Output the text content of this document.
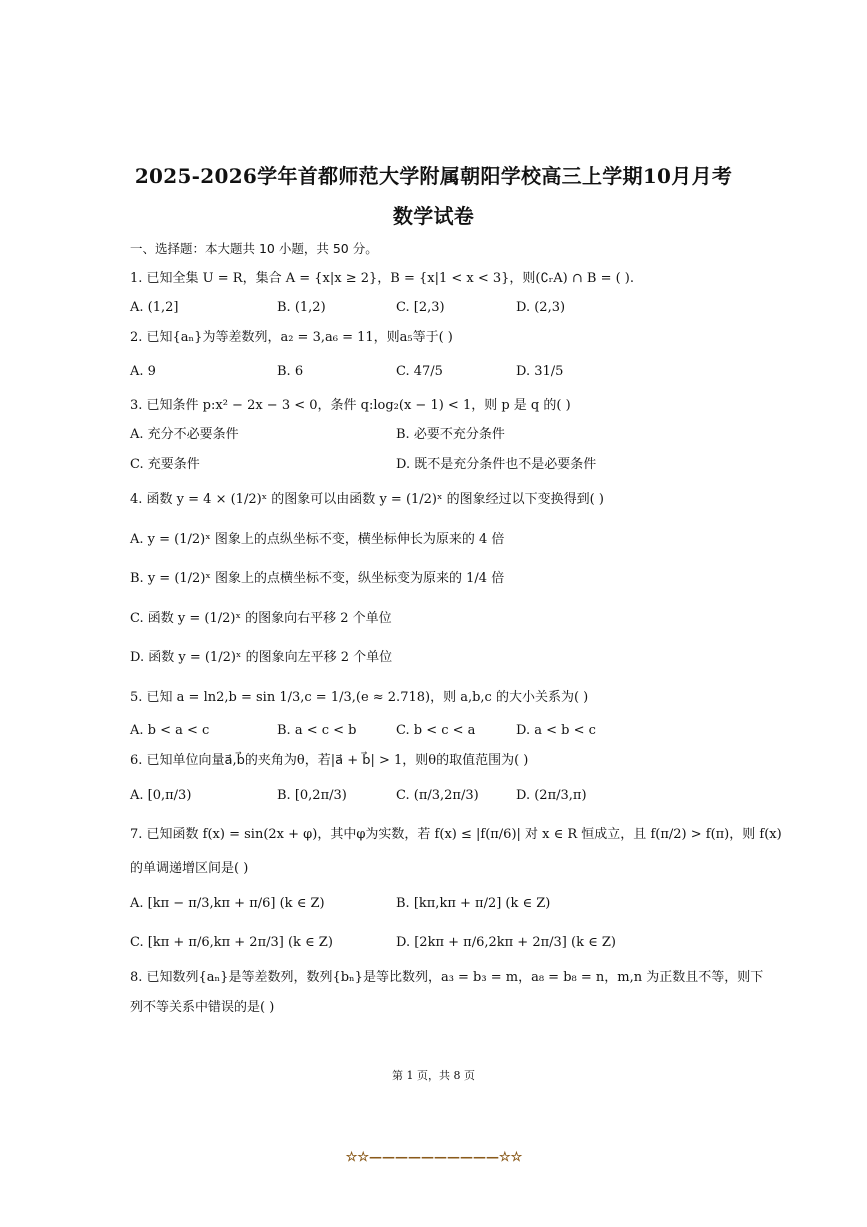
2025-2026学年首都师范大学附属朝阳学校高三上学期10月月考
数学试卷
一、选择题：本大题共 10 小题，共 50 分。
1. 已知全集 U = R，集合 A = {x|x ≥ 2}，B = {x|1 < x < 3}，则(∁ᵣA) ∩ B = ( ).
A. (1,2]	B. (1,2)	C. [2,3)	D. (2,3)
2. 已知{aₙ}为等差数列，a₂ = 3,a₆ = 11，则a₅等于( )
A. 9	B. 6	C. 47/5	D. 31/5
3. 已知条件 p:x² − 2x − 3 < 0，条件 q:log₂(x − 1) < 1，则 p 是 q 的( )
A. 充分不必要条件	B. 必要不充分条件
C. 充要条件	D. 既不是充分条件也不是必要条件
4. 函数 y = 4 × (1/2)ˣ 的图象可以由函数 y = (1/2)ˣ 的图象经过以下变换得到( )
A. y = (1/2)ˣ 图象上的点纵坐标不变，横坐标伸长为原来的 4 倍
B. y = (1/2)ˣ 图象上的点横坐标不变，纵坐标变为原来的 1/4 倍
C. 函数 y = (1/2)ˣ 的图象向右平移 2 个单位
D. 函数 y = (1/2)ˣ 的图象向左平移 2 个单位
5. 已知 a = ln2,b = sin 1/3,c = 1/3,(e ≈ 2.718)，则 a,b,c 的大小关系为( )
A. b < a < c	B. a < c < b	C. b < c < a	D. a < b < c
6. 已知单位向量a⃗,b⃗的夹角为θ，若|a⃗ + b⃗| > 1，则θ的取值范围为( )
A. [0,π/3)	B. [0,2π/3)	C. (π/3,2π/3)	D. (2π/3,π)
7. 已知函数 f(x) = sin(2x + φ)，其中φ为实数，若 f(x) ≤ |f(π/6)| 对 x ∈ R 恒成立，且 f(π/2) > f(π)，则 f(x)
的单调递增区间是( )
A. [kπ − π/3,kπ + π/6] (k ∈ Z)	B. [kπ,kπ + π/2] (k ∈ Z)
C. [kπ + π/6,kπ + 2π/3] (k ∈ Z)	D. [2kπ + π/6,2kπ + 2π/3] (k ∈ Z)
8. 已知数列{aₙ}是等差数列，数列{bₙ}是等比数列，a₃ = b₃ = m，a₈ = b₈ = n，m,n 为正数且不等，则下
列不等关系中错误的是( )
第 1 页，共 8 页
☆☆——————————☆☆
